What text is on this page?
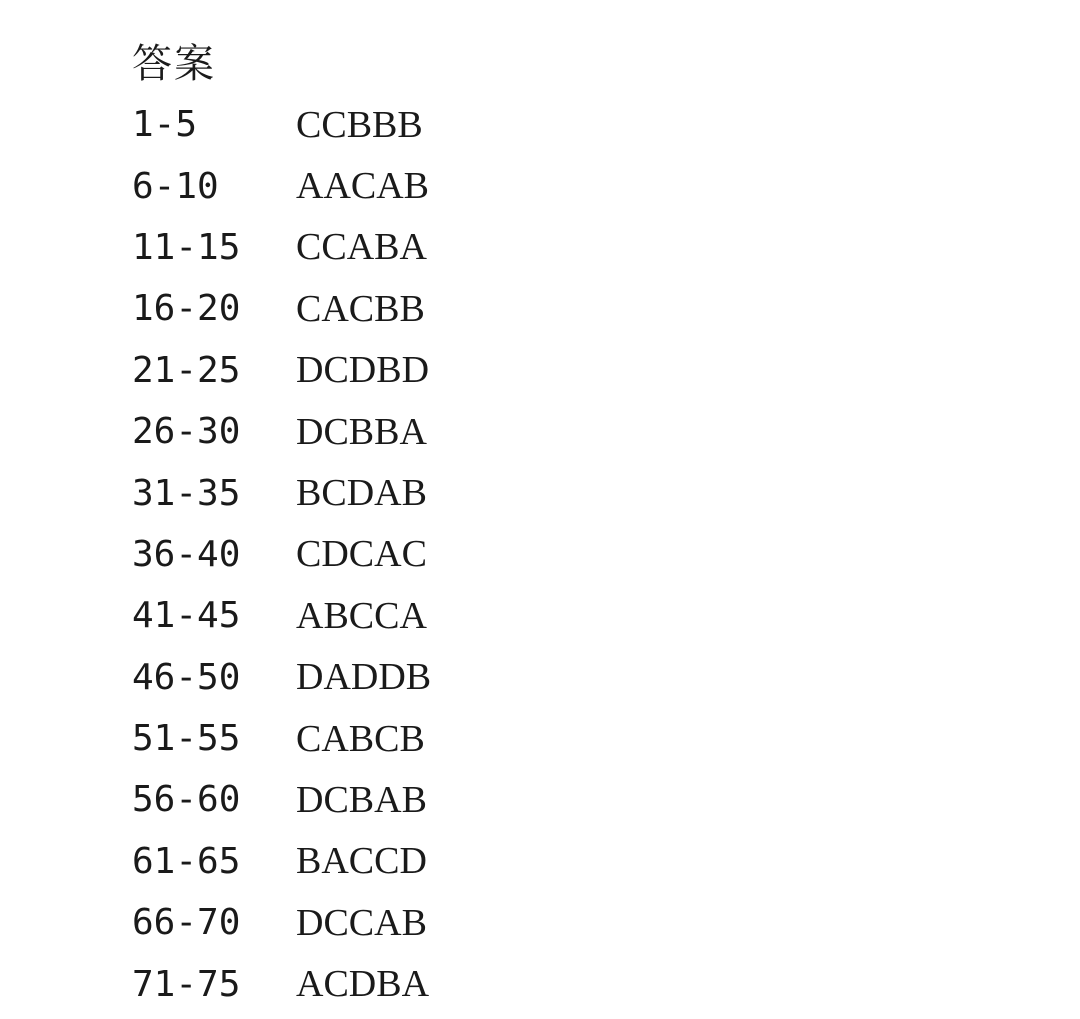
答案
1-5	CCBBB
6-10	AACAB
11-15	CCABA
16-20	CACBB
21-25	DCDBD
26-30	DCBBA
31-35	BCDAB
36-40	CDCAC
41-45	ABCCA
46-50	DADDB
51-55	CABCB
56-60	DCBAB
61-65	BACCD
66-70	DCCAB
71-75	ACDBA
